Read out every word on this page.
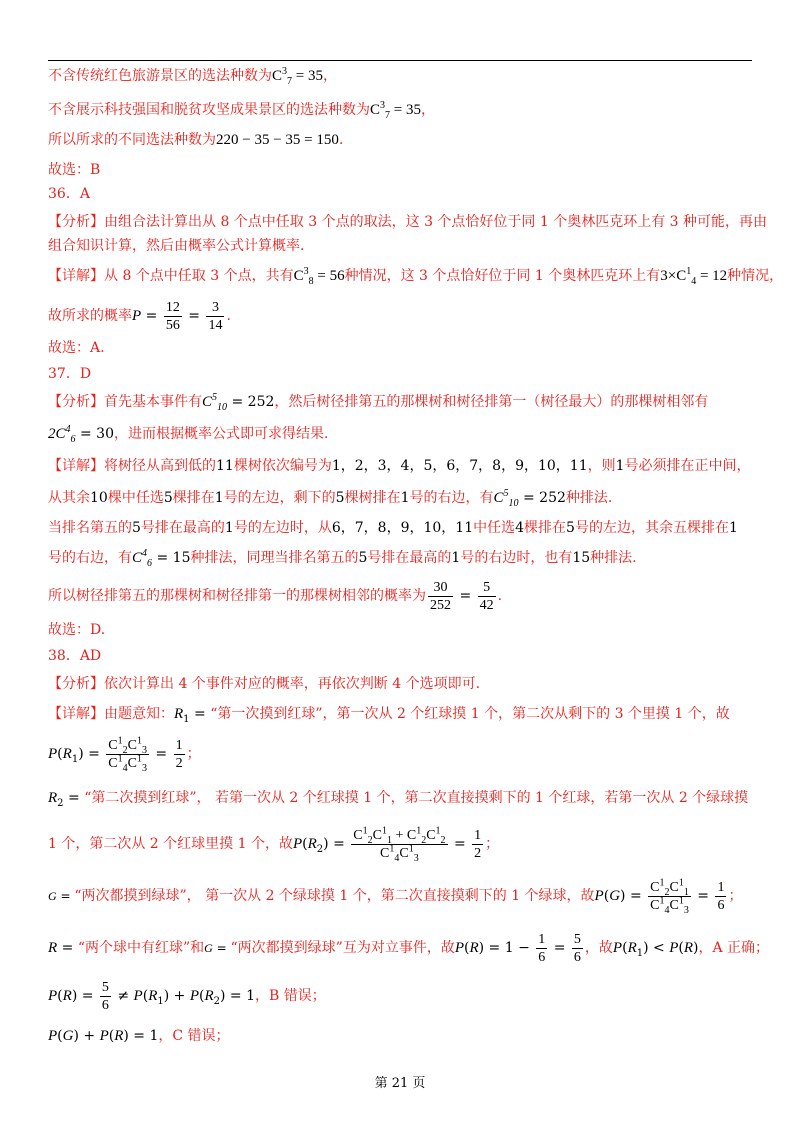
不含传统红色旅游景区的选法种数为$C^3_7 = 35$，
不含展示科技强国和脱贫攻坚成果景区的选法种数为$C^3_7 = 35$，
所以所求的不同选法种数为220 − 35 − 35 = 150.
故选：B
36．A
【分析】由组合法计算出从 8 个点中任取 3 个点的取法，这 3 个点恰好位于同 1 个奥林匹克环上有 3 种可能，再由
组合知识计算，然后由概率公式计算概率.
【详解】从 8 个点中任取 3 个点，共有$C^3_8 = 56$种情况，这 3 个点恰好位于同 1 个奥林匹克环上有$3\times C^1_4 = 12$种情况，
故所求的概率$P = \frac{12}{56} = \frac{3}{14}$ .
故选：A.
37．D
【分析】首先基本事件有$C^5_{10} = 252$，然后树径排第五的那棵树和树径排第一（树径最大）的那棵树相邻有
$2C^4_6 = 30$，进而根据概率公式即可求得结果.
【详解】将树径从高到低的11棵树依次编号为1，2，3，4，5，6，7，8，9，10，11，则1号必须排在正中间，
从其余10棵中任选5棵排在1号的左边，剩下的5棵树排在1号的右边，有$C^5_{10} = 252$种排法.
当排名第五的5号排在最高的1号的左边时，从6，7，8，9，10，11中任选4棵排在5号的左边，其余五棵排在1
号的右边，有$C^4_6 = 15$种排法，同理当排名第五的5号排在最高的1号的右边时，也有15种排法.
所以树径排第五的那棵树和树径排第一的那棵树相邻的概率为 $\frac{30}{252} = \frac{5}{42}$ .
故选：D.
38．AD
【分析】依次计算出 4 个事件对应的概率，再依次判断 4 个选项即可.
【详解】由题意知：$R_1$ = “第一次摸到红球”，第一次从 2 个红球摸 1 个，第二次从剩下的 3 个里摸 1 个，故
$P(R_1) = \frac{C^1_2C^1_3}{C^1_4C^1_3} = \frac{1}{2}$ ；
$R_2$ = “第二次摸到红球”， 若第一次从 2 个红球摸 1 个，第二次直接摸剩下的 1 个红球，若第一次从 2 个绿球摸
1 个，第二次从 2 个红球里摸 1 个，故$P(R_2) = \frac{C^1_2C^1_1 + C^1_2C^1_2}{C^1_4C^1_3} = \frac{1}{2}$ ；
G = “两次都摸到绿球”， 第一次从 2 个绿球摸 1 个，第二次直接摸剩下的 1 个绿球，故$P(G) = \frac{C^1_2C^1_1}{C^1_4C^1_3} = \frac{1}{6}$ ；
R = “两个球中有红球”和G = “两次都摸到绿球”互为对立事件，故$P(R) = 1 - \frac{1}{6} = \frac{5}{6}$ ，故$P(R_1) < P(R)$，A 正确；
$P(R) = \frac{5}{6} \ne P(R_1) + P(R_2) = 1$，B 错误；
P(G) + P(R) = 1，C 错误；
第 21 页
